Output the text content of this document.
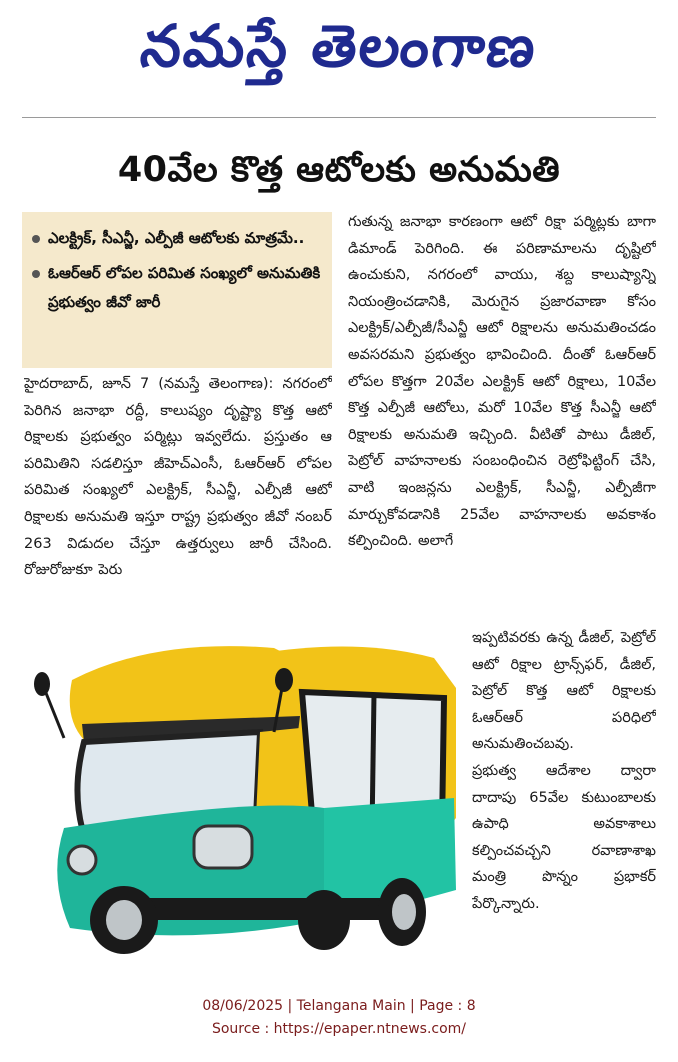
నమస్తే తెలంగాణ
40వేల కొత్త ఆటోలకు అనుమతి
ఎలక్ట్రిక్, సీఎన్జీ, ఎల్పీజీ ఆటోలకు మాత్రమే..
ఓఆర్ఆర్ లోపల పరిమిత సంఖ్యలో అనుమతికి ప్రభుత్వం జీవో జారీ

హైదరాబాద్, జూన్ 7 (నమస్తే తెలంగాణ): నగరంలో పెరిగిన జనాభా రద్దీ, కాలుష్యం దృష్ట్యా కొత్త ఆటో రిక్షాలకు ప్రభుత్వం పర్మిట్లు ఇవ్వలేదు. ప్రస్తుతం ఆ పరిమితిని సడలిస్తూ జీహెచ్ఎంసీ, ఓఆర్ఆర్ లోపల పరిమిత సంఖ్యలో ఎలక్ట్రిక్, సీఎన్జీ, ఎల్పీజీ ఆటో రిక్షాలకు అనుమతి ఇస్తూ రాష్ట్ర ప్రభుత్వం జీవో నంబర్ 263 విడుదల చేస్తూ ఉత్తర్వులు జారీ చేసింది. రోజురోజుకూ పెరు

గుతున్న జనాభా కారణంగా ఆటో రిక్షా పర్మిట్లకు బాగా డిమాండ్ పెరిగింది. ఈ పరిణామాలను దృష్టిలో ఉంచుకుని, నగరంలో వాయు, శబ్ద కాలుష్యాన్ని నియంత్రించడానికి, మెరుగైన ప్రజారవాణా కోసం ఎలక్ట్రిక్/ఎల్పీజీ/సీఎన్జీ ఆటో రిక్షాలను అనుమతించడం అవసరమని ప్రభుత్వం భావించింది. దీంతో ఓఆర్ఆర్ లోపల కొత్తగా 20వేల ఎలక్ట్రిక్ ఆటో రిక్షాలు, 10వేల కొత్త ఎల్పీజీ ఆటోలు, మరో 10వేల కొత్త సీఎన్జీ ఆటో రిక్షాలకు అనుమతి ఇచ్చింది. వీటితో పాటు డీజిల్, పెట్రోల్ వాహనాలకు సంబంధించిన రెట్రోఫిట్టింగ్ చేసి, వాటి ఇంజన్లను ఎలక్ట్రిక్, సీఎన్జీ, ఎల్పీజీగా మార్చుకోవడానికి 25వేల వాహనాలకు అవకాశం కల్పించింది. అలాగే

ఇప్పటివరకు ఉన్న డీజిల్, పెట్రోల్ ఆటో రిక్షాల ట్రాన్స్‌ఫర్, డీజిల్, పెట్రోల్ కొత్త ఆటో రిక్షాలకు ఓఆర్ఆర్ పరిధిలో అనుమతించబవు.

ప్రభుత్వ ఆదేశాల ద్వారా దాదాపు 65వేల కుటుంబాలకు ఉపాధి అవకాశాలు కల్పించవచ్చని రవాణాశాఖ మంత్రి పొన్నం ప్రభాకర్ పేర్కొన్నారు.

08/06/2025 | Telangana Main | Page : 8
Source : https://epaper.ntnews.com/
